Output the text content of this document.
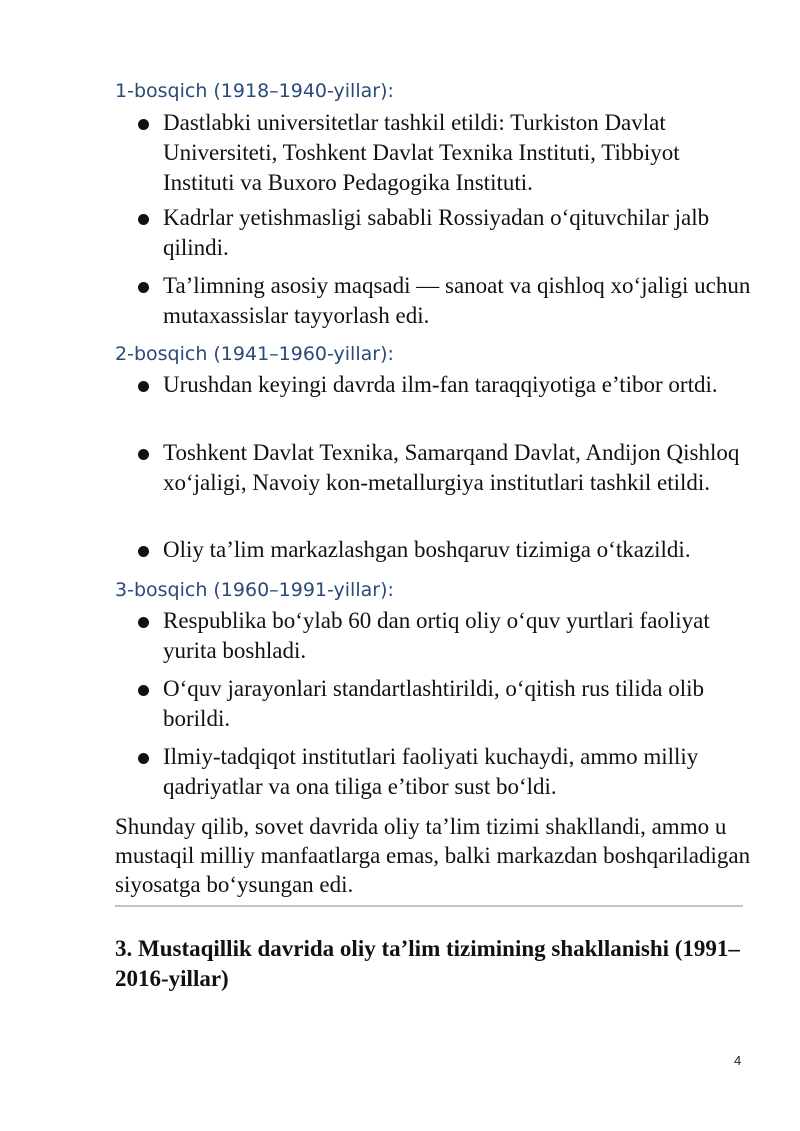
1-bosqich (1918–1940-yillar):
Dastlabki universitetlar tashkil etildi: Turkiston Davlat Universiteti, Toshkent Davlat Texnika Instituti, Tibbiyot Instituti va Buxoro Pedagogika Instituti.
Kadrlar yetishmasligi sababli Rossiyadan o‘qituvchilar jalb qilindi.
Ta’limning asosiy maqsadi — sanoat va qishloq xo‘jaligi uchun mutaxassislar tayyorlash edi.
2-bosqich (1941–1960-yillar):
Urushdan keyingi davrda ilm-fan taraqqiyotiga e’tibor ortdi.
Toshkent Davlat Texnika, Samarqand Davlat, Andijon Qishloq xo‘jaligi, Navoiy kon-metallurgiya institutlari tashkil etildi.
Oliy ta’lim markazlashgan boshqaruv tizimiga o‘tkazildi.
3-bosqich (1960–1991-yillar):
Respublika bo‘ylab 60 dan ortiq oliy o‘quv yurtlari faoliyat yurita boshladi.
O‘quv jarayonlari standartlashtirildi, o‘qitish rus tilida olib borildi.
Ilmiy-tadqiqot institutlari faoliyati kuchaydi, ammo milliy qadriyatlar va ona tiliga e’tibor sust bo‘ldi.

Shunday qilib, sovet davrida oliy ta’lim tizimi shakllandi, ammo u mustaqil milliy manfaatlarga emas, balki markazdan boshqariladigan siyosatga bo‘ysungan edi.

3. Mustaqillik davrida oliy ta’lim tizimining shakllanishi (1991–2016-yillar)
4
